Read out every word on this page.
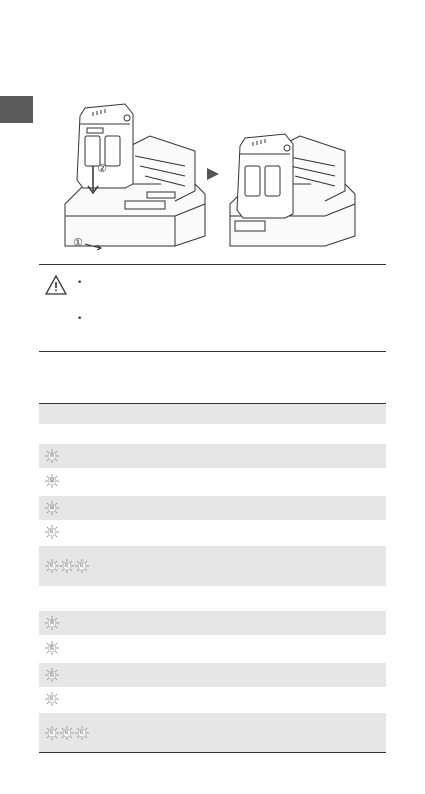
②
①
•
•
黄
綠
綠
紅
紅	紅	紅
黃
藍
藍
紅
紅	紅	紅
